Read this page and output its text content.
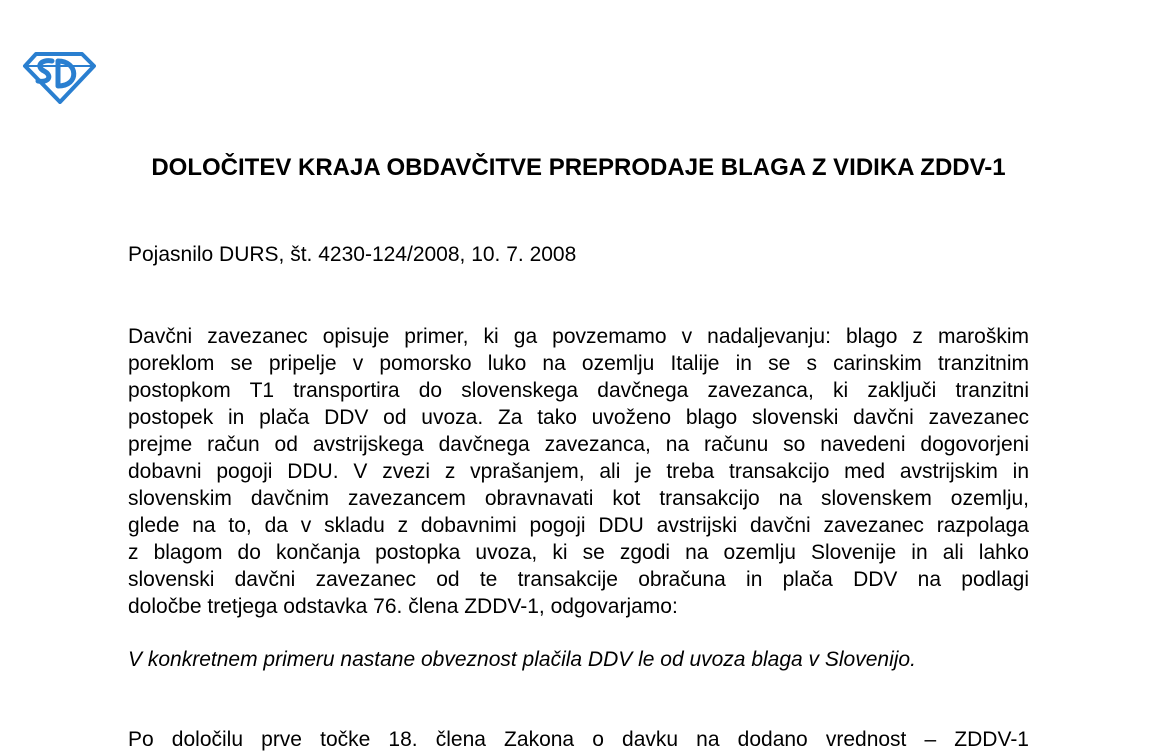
DOLOČITEV KRAJA OBDAVČITVE PREPRODAJE BLAGA Z VIDIKA ZDDV-1

Pojasnilo DURS, št. 4230-124/2008, 10. 7. 2008

Davčni zavezanec opisuje primer, ki ga povzemamo v nadaljevanju: blago z maroškim
poreklom se pripelje v pomorsko luko na ozemlju Italije in se s carinskim tranzitnim
postopkom T1 transportira do slovenskega davčnega zavezanca, ki zaključi tranzitni
postopek in plača DDV od uvoza. Za tako uvoženo blago slovenski davčni zavezanec
prejme račun od avstrijskega davčnega zavezanca, na računu so navedeni dogovorjeni
dobavni pogoji DDU. V zvezi z vprašanjem, ali je treba transakcijo med avstrijskim in
slovenskim davčnim zavezancem obravnavati kot transakcijo na slovenskem ozemlju,
glede na to, da v skladu z dobavnimi pogoji DDU avstrijski davčni zavezanec razpolaga
z blagom do končanja postopka uvoza, ki se zgodi na ozemlju Slovenije in ali lahko
slovenski davčni zavezanec od te transakcije obračuna in plača DDV na podlagi
določbe tretjega odstavka 76. člena ZDDV-1, odgovarjamo:

V konkretnem primeru nastane obveznost plačila DDV le od uvoza blaga v Slovenijo.

Po določilu prve točke 18. člena Zakona o davku na dodano vrednost – ZDDV-1
